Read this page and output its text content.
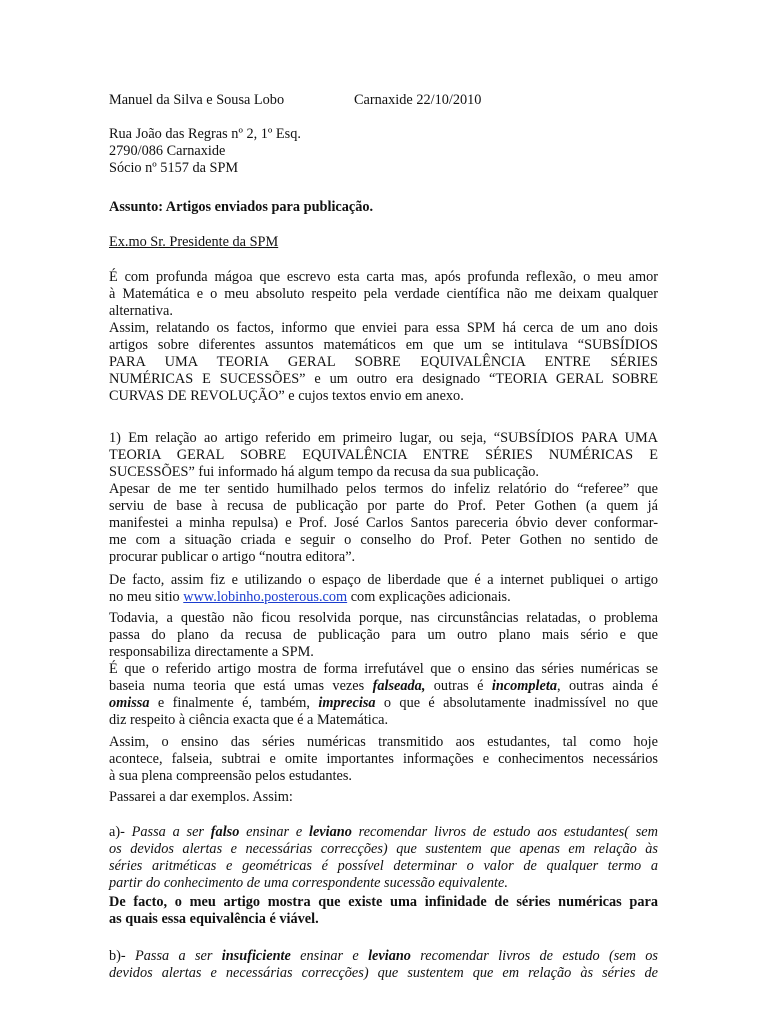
Manuel da Silva e Sousa Lobo	Carnaxide 22/10/2010
Rua João das Regras nº 2, 1º Esq.
2790/086 Carnaxide
Sócio nº 5157 da SPM
Assunto: Artigos enviados para publicação.
Ex.mo Sr. Presidente da SPM
É com profunda mágoa que escrevo esta carta mas, após profunda reflexão, o meu amor
à Matemática e o meu absoluto respeito pela verdade científica não me deixam qualquer
alternativa.
Assim, relatando os factos, informo que enviei para essa SPM há cerca de um ano dois
artigos sobre diferentes assuntos matemáticos em que um se intitulava “SUBSÍDIOS
PARA UMA TEORIA GERAL SOBRE EQUIVALÊNCIA ENTRE SÉRIES
NUMÉRICAS E SUCESSÕES” e um outro era designado “TEORIA GERAL SOBRE
CURVAS DE REVOLUÇÃO” e cujos textos envio em anexo.
1) Em relação ao artigo referido em primeiro lugar, ou seja, “SUBSÍDIOS PARA UMA
TEORIA GERAL SOBRE EQUIVALÊNCIA ENTRE SÉRIES NUMÉRICAS E
SUCESSÕES” fui informado há algum tempo da recusa da sua publicação.
Apesar de me ter sentido humilhado pelos termos do infeliz relatório do “referee” que
serviu de base à recusa de publicação por parte do Prof. Peter Gothen (a quem já
manifestei a minha repulsa) e Prof. José Carlos Santos pareceria óbvio dever conformar-
me com a situação criada e seguir o conselho do Prof. Peter Gothen no sentido de
procurar publicar o artigo “noutra editora”.
De facto, assim fiz e utilizando o espaço de liberdade que é a internet publiquei o artigo
no meu sitio www.lobinho.posterous.com com explicações adicionais.
Todavia, a questão não ficou resolvida porque, nas circunstâncias relatadas, o problema
passa do plano da recusa de publicação para um outro plano mais sério e que
responsabiliza directamente a SPM.
É que o referido artigo mostra de forma irrefutável que o ensino das séries numéricas se
baseia numa teoria que está umas vezes falseada, outras é incompleta, outras ainda é
omissa e finalmente é, também, imprecisa o que é absolutamente inadmissível no que
diz respeito à ciência exacta que é a Matemática.
Assim, o ensino das séries numéricas transmitido aos estudantes, tal como hoje
acontece, falseia, subtrai e omite importantes informações e conhecimentos necessários
à sua plena compreensão pelos estudantes.
Passarei a dar exemplos. Assim:
a)- Passa a ser falso ensinar e leviano recomendar livros de estudo aos estudantes( sem
os devidos alertas e necessárias correcções) que sustentem que apenas em relação às
séries aritméticas e geométricas é possível determinar o valor de qualquer termo a
partir do conhecimento de uma correspondente sucessão equivalente.
De facto, o meu artigo mostra que existe uma infinidade de séries numéricas para
as quais essa equivalência é viável.
b)- Passa a ser insuficiente ensinar e leviano recomendar livros de estudo (sem os
devidos alertas e necessárias correcções) que sustentem que em relação às séries de
